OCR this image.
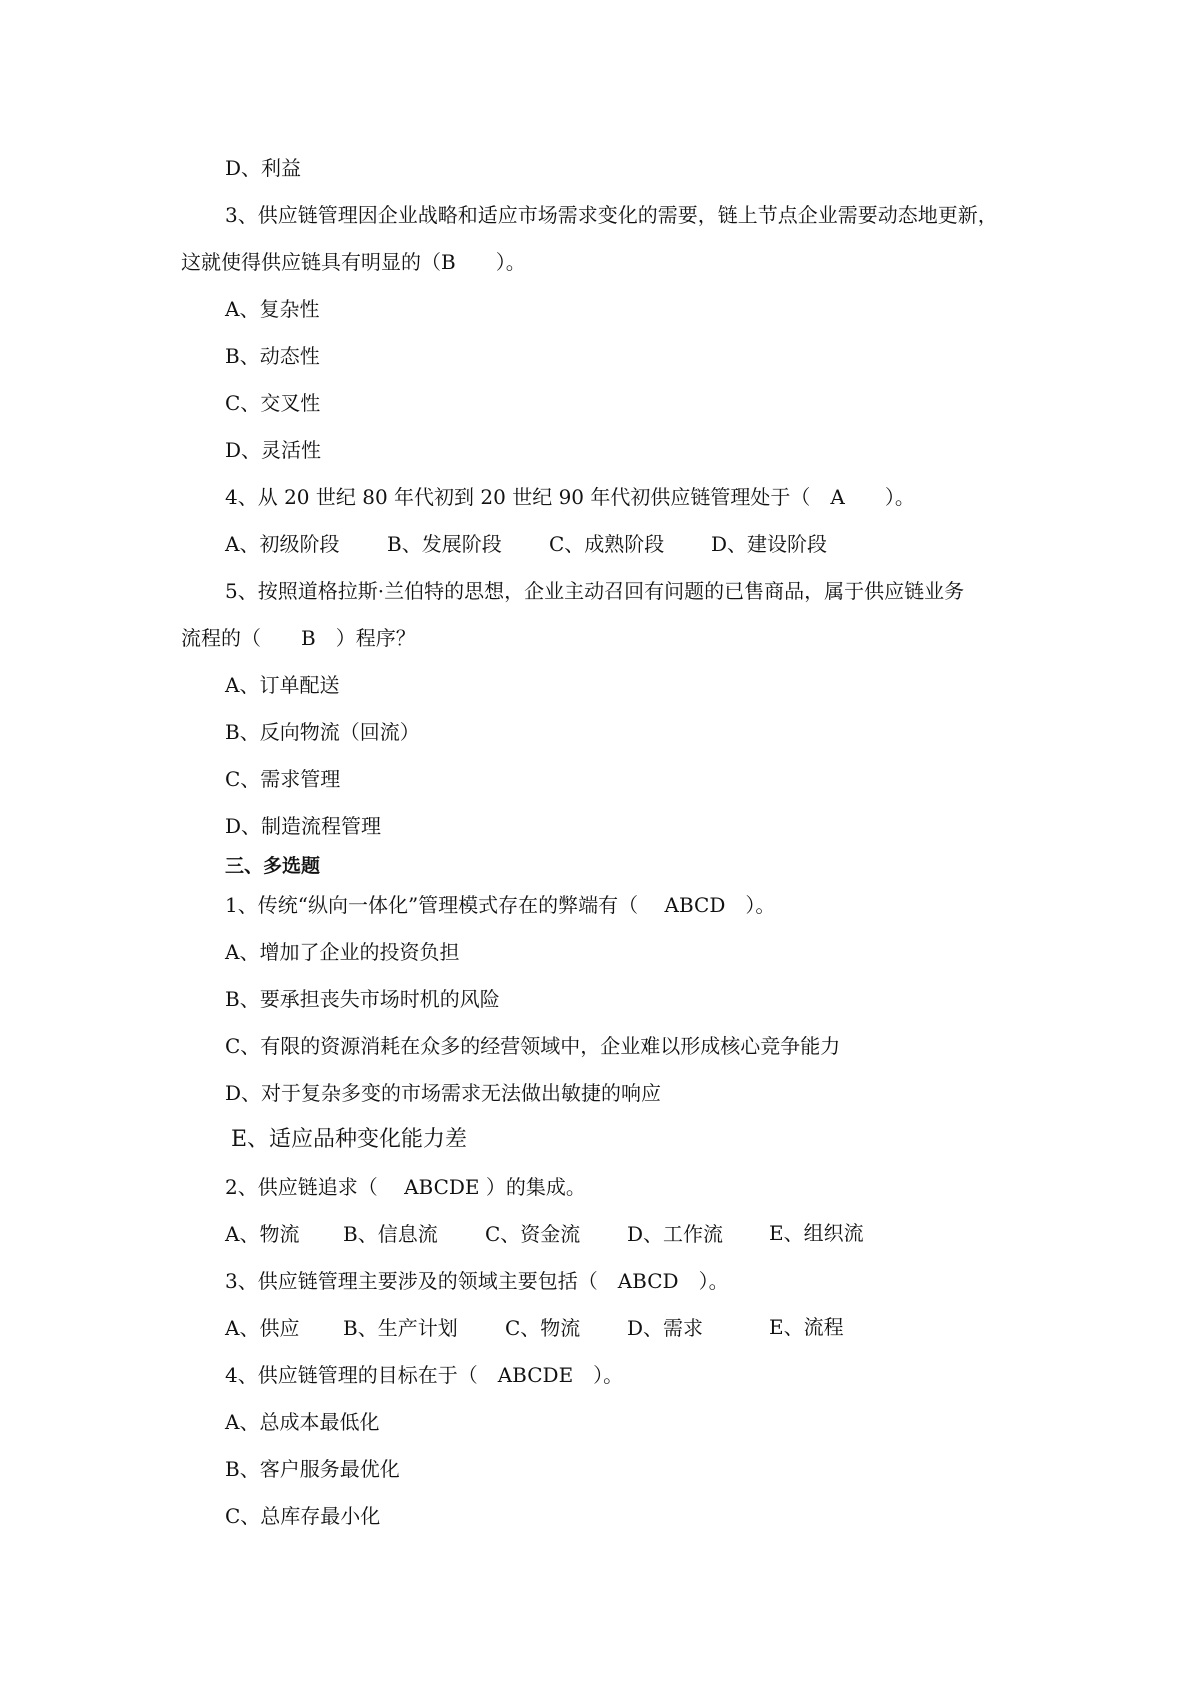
D、利益
3、供应链管理因企业战略和适应市场需求变化的需要，链上节点企业需要动态地更新，
这就使得供应链具有明显的（B　　）。
A、复杂性
B、动态性
C、交叉性
D、灵活性
4、从 20 世纪 80 年代初到 20 世纪 90 年代初供应链管理处于（　A　　）。
A、初级阶段 B、发展阶段 C、成熟阶段 D、建设阶段
5、按照道格拉斯·兰伯特的思想，企业主动召回有问题的已售商品，属于供应链业务
流程的（　　B　）程序？
A、订单配送
B、反向物流（回流）
C、需求管理
D、制造流程管理
三、多选题
1、传统“纵向一体化”管理模式存在的弊端有（　 ABCD　）。
A、增加了企业的投资负担
B、要承担丧失市场时机的风险
C、有限的资源消耗在众多的经营领域中，企业难以形成核心竞争能力
D、对于复杂多变的市场需求无法做出敏捷的响应
E、适应品种变化能力差
2、供应链追求（　 ABCDE ）的集成。
A、物流 B、信息流 C、资金流 D、工作流 E、组织流
3、供应链管理主要涉及的领域主要包括（　ABCD　）。
A、供应 B、生产计划 C、物流 D、需求	E、流程
4、供应链管理的目标在于（　ABCDE　）。
A、总成本最低化
B、客户服务最优化
C、总库存最小化
